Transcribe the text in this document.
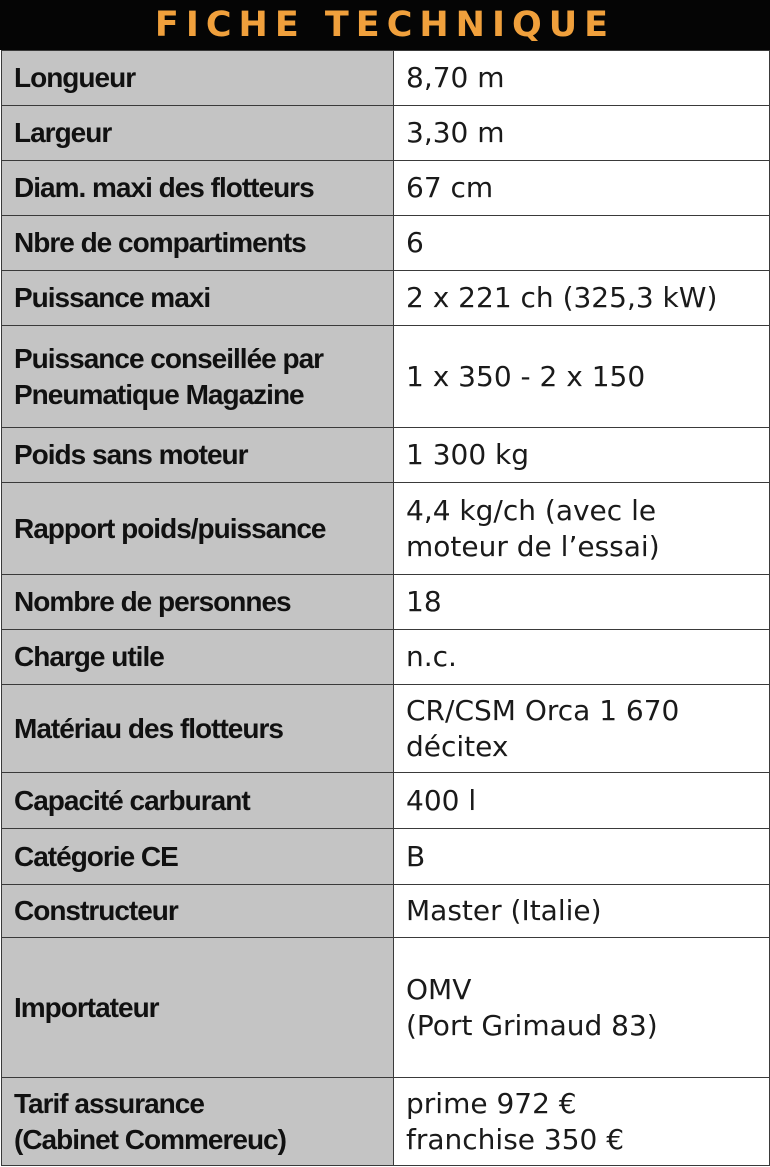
FICHE TECHNIQUE
Longueur	8,70 m

Largeur	3,30 m

Diam. maxi des flotteurs	67 cm

Nbre de compartiments	6

Puissance maxi	2 x 221 ch (325,3 kW)

Puissance conseillée par
Pneumatique Magazine	1 x 350 - 2 x 150

Poids sans moteur	1 300 kg

Rapport poids/puissance	4,4 kg/ch (avec le
moteur de l’essai)

Nombre de personnes	18

Charge utile	n.c.

Matériau des flotteurs	CR/CSM Orca 1 670
décitex

Capacité carburant	400 l

Catégorie CE	B

Constructeur	Master (Italie)

Importateur	OMV
(Port Grimaud 83)

Tarif assurance
(Cabinet Commereuc)	prime 972 €
franchise 350 €
